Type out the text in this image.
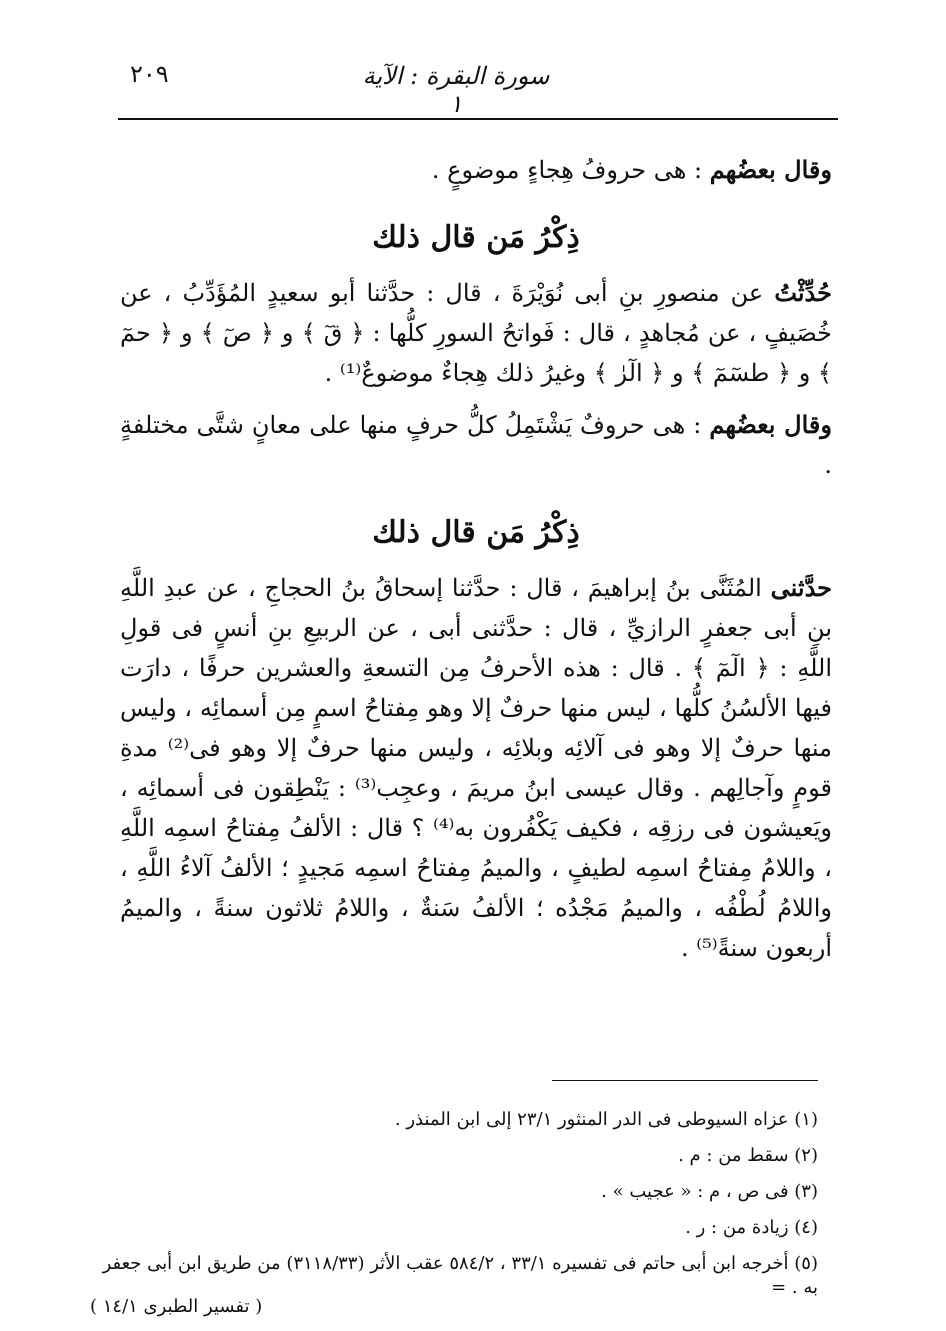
٢٠٩	سورة البقرة : الآية ١

وقال بعضُهم : هى حروفُ هِجاءٍ موضوعٍ .

ذِكْرُ مَن قال ذلك

حُدِّثْتُ عن منصورِ بنِ أبى نُوَيْرَةَ ، قال : حدَّثنا أبو سعيدٍ المُؤَدِّبُ ، عن خُصَيفٍ ، عن مُجاهدٍ ، قال : فَواتحُ السورِ كلُّها : ﴿ قٓ ﴾ و ﴿ صٓ ﴾ و ﴿ حمٓ ﴾ و ﴿ طسٓمٓ ﴾ و ﴿ الٓرٰ ﴾ وغيرُ ذلك هِجاءٌ موضوعٌ⁽¹⁾ .

وقال بعضُهم : هى حروفٌ يَشْتَمِلُ كلُّ حرفٍ منها على معانٍ شتَّى مختلفةٍ .

ذِكْرُ مَن قال ذلك

حدَّثنى المُثَنَّى بنُ إبراهيمَ ، قال : حدَّثنا إسحاقُ بنُ الحجاجِ ، عن عبدِ اللَّهِ بنِ أبى جعفرٍ الرازيِّ ، قال : حدَّثنى أبى ، عن الربيعِ بنِ أنسٍ فى قولِ اللَّهِ : ﴿ الٓمٓ ﴾ . قال : هذه الأحرفُ مِن التسعةِ والعشرين حرفًا ، دارَت فيها الألسُنُ كلُّها ، ليس منها حرفٌ إلا وهو مِفتاحُ اسمٍ مِن أسمائِه ، وليس منها حرفٌ إلا وهو فى آلائِه وبلائِه ، وليس منها حرفٌ إلا وهو فى⁽²⁾ مدةِ قومٍ وآجالِهم . وقال عيسى ابنُ مريمَ ، وعجِب⁽³⁾ : يَنْطِقون فى أسمائِه ، ويَعيشون فى رزقِه ، فكيف يَكْفُرون به⁽⁴⁾ ؟ قال : الألفُ مِفتاحُ اسمِه اللَّهِ ، واللامُ مِفتاحُ اسمِه لطيفٍ ، والميمُ مِفتاحُ اسمِه مَجيدٍ ؛ الألفُ آلاءُ اللَّهِ ، واللامُ لُطْفُه ، والميمُ مَجْدُه ؛ الألفُ سَنةٌ ، واللامُ ثلاثون سنةً ، والميمُ أربعون سنةً⁽⁵⁾ .

(١) عزاه السيوطى فى الدر المنثور ٢٣/١ إلى ابن المنذر .

(٢) سقط من : م .

(٣) فى ص ، م : « عجيب » .

(٤) زيادة من : ر .

(٥) أخرجه ابن أبى حاتم فى تفسيره ٣٣/١ ، ٥٨٤/٢ عقب الأثر (٣١١٨/٣٣) من طريق ابن أبى جعفر به . =

( تفسير الطبرى ١٤/١ )
